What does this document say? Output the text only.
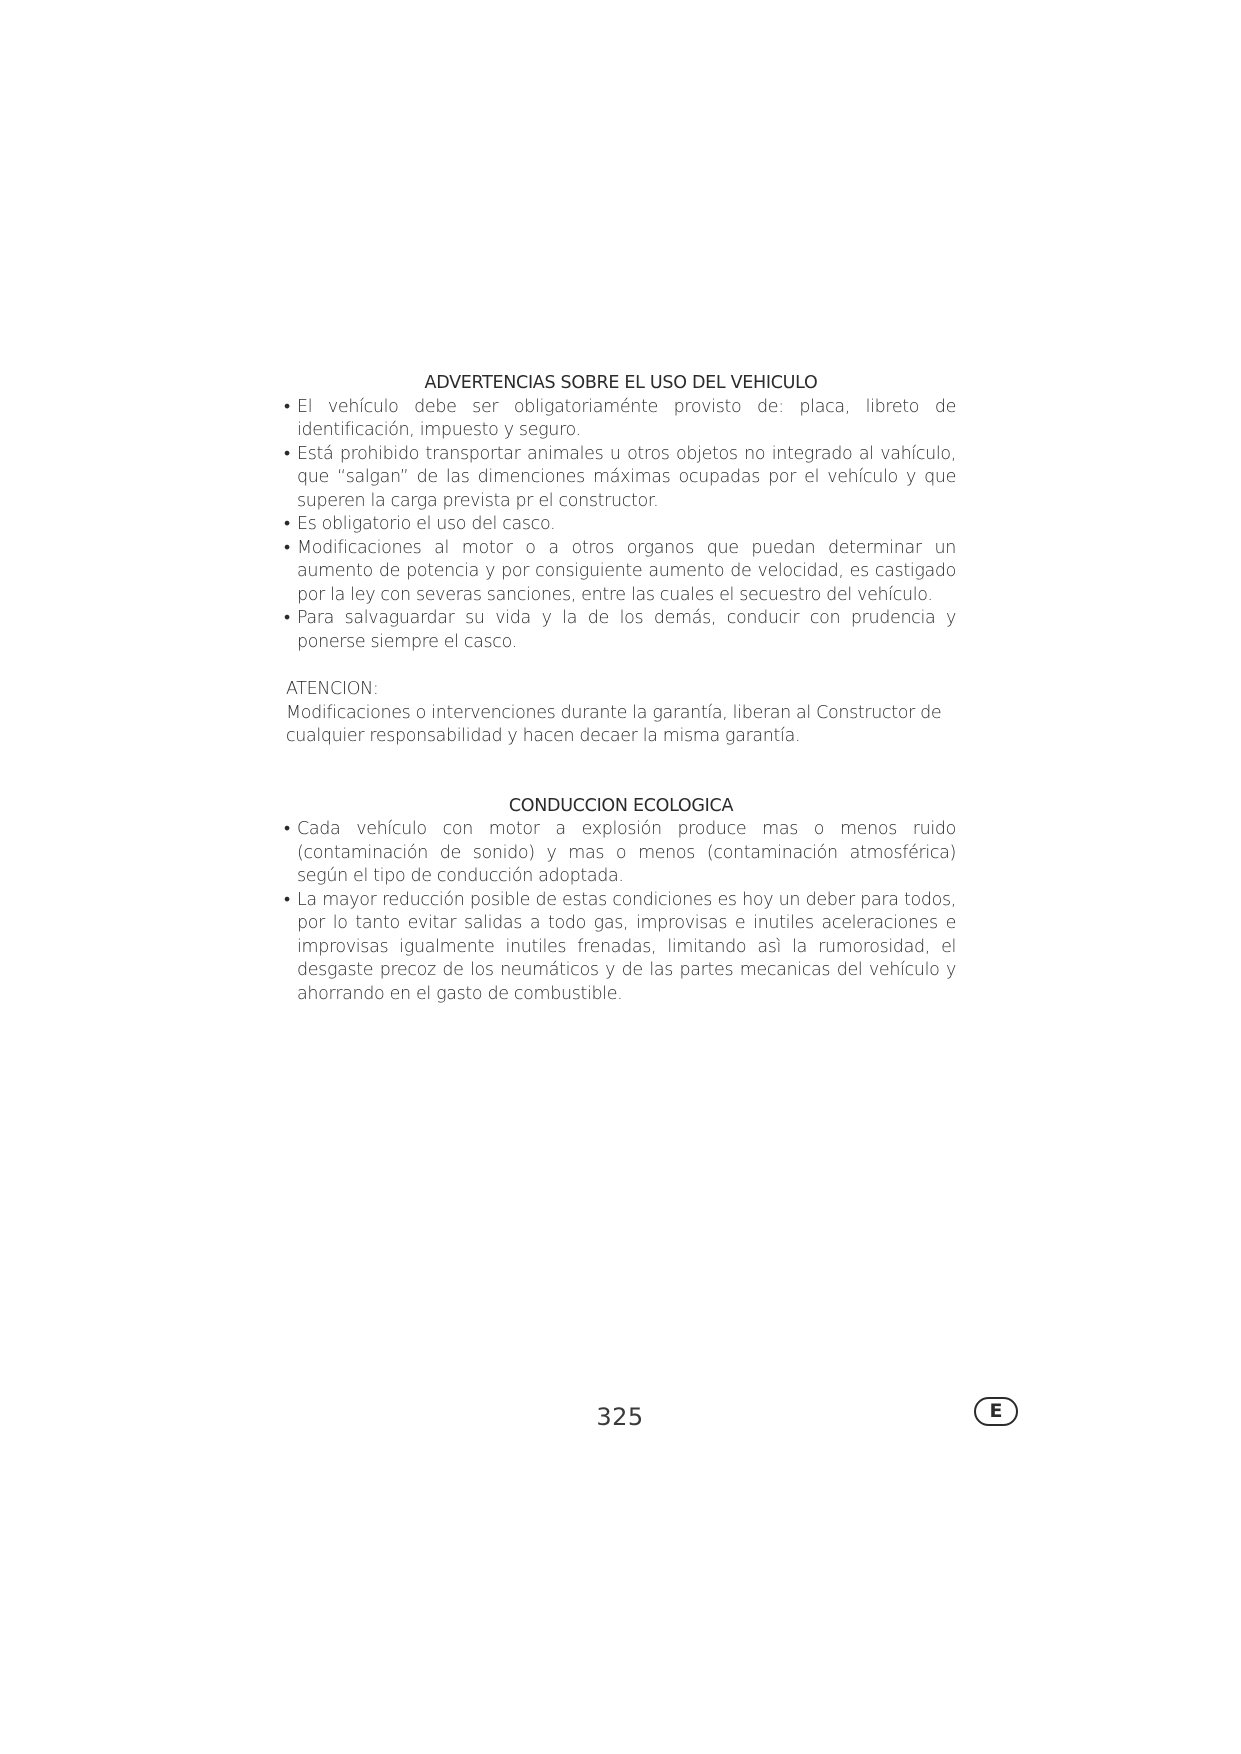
ADVERTENCIAS SOBRE EL USO DEL VEHICULO
• El vehículo debe ser obligatoriaménte provisto de: placa, libreto de identificación, impuesto y seguro.
• Está prohibido transportar animales u otros objetos no integrado al vahículo, que “salgan” de las dimenciones máximas ocupadas por el vehículo y que superen la carga prevista pr el constructor.
• Es obligatorio el uso del casco.
• Modificaciones al motor o a otros organos que puedan determinar un aumento de potencia y por consiguiente aumento de velocidad, es castigado por la ley con severas sanciones, entre las cuales el secuestro del vehículo.
• Para salvaguardar su vida y la de los demás, conducir con prudencia y ponerse siempre el casco.

ATENCION:

Modificaciones o intervenciones durante la garantía, liberan al Constructor de cualquier responsabilidad y hacen decaer la misma garantía.

CONDUCCION ECOLOGICA
• Cada vehículo con motor a explosión produce mas o menos ruido (contaminación de sonido) y mas o menos (contaminación atmosférica) según el tipo de conducción adoptada.
• La mayor reducción posible de estas condiciones es hoy un deber para todos, por lo tanto evitar salidas a todo gas, improvisas e inutiles aceleraciones e improvisas igualmente inutiles frenadas, limitando asì la rumorosidad, el desgaste precoz de los neumáticos y de las partes mecanicas del vehículo y ahorrando en el gasto de combustible.
325	E
